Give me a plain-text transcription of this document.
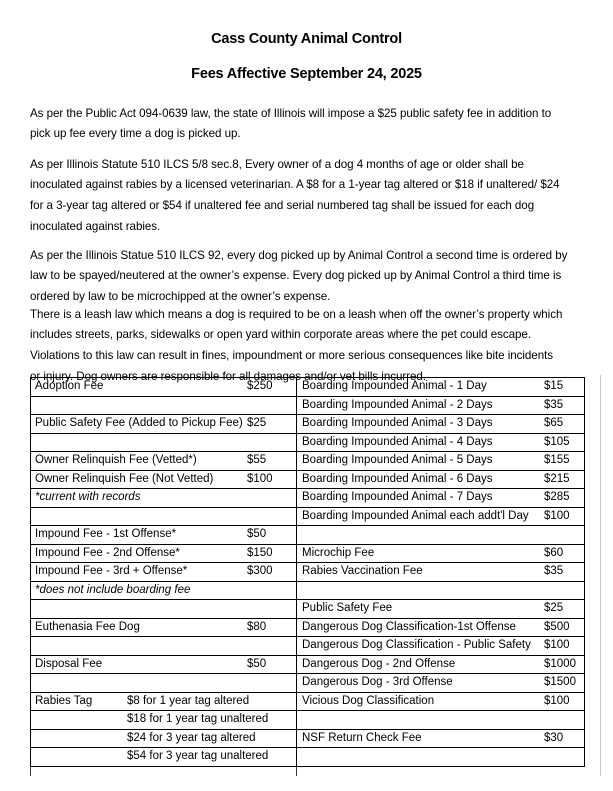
Cass County Animal Control
Fees Affective September 24, 2025

As per the Public Act 094-0639 law, the state of Illinois will impose a $25 public safety fee in addition to
pick up fee every time a dog is picked up.

As per Illinois Statute 510 ILCS 5/8 sec.8, Every owner of a dog 4 months of age or older shall be
inoculated against rabies by a licensed veterinarian. A $8 for a 1-year tag altered or $18 if unaltered/ $24
for a 3-year tag altered or $54 if unaltered fee and serial numbered tag shall be issued for each dog
inoculated against rabies.

As per the Illinois Statue 510 ILCS 92, every dog picked up by Animal Control a second time is ordered by
law to be spayed/neutered at the owner’s expense. Every dog picked up by Animal Control a third time is
ordered by law to be microchipped at the owner’s expense.

There is a leash law which means a dog is required to be on a leash when off the owner’s property which
includes streets, parks, sidewalks or open yard within corporate areas where the pet could escape.
Violations to this law can result in fines, impoundment or more serious consequences like bite incidents
or injury. Dog owners are responsible for all damages and/or vet bills incurred.

Adoption Fee	$250	Boarding Impounded Animal - 1 Day	$15
Boarding Impounded Animal - 2 Days	$35
Public Safety Fee (Added to Pickup Fee) $25	Boarding Impounded Animal - 3 Days	$65
Boarding Impounded Animal - 4 Days	$105
Owner Relinquish Fee (Vetted*)	$55	Boarding Impounded Animal - 5 Days	$155
Owner Relinquish Fee (Not Vetted)	$100	Boarding Impounded Animal - 6 Days	$215
*current with records	Boarding Impounded Animal - 7 Days	$285
Boarding Impounded Animal each addt'l Day $100
Impound Fee - 1st Offense*	$50
Impound Fee - 2nd Offense*	$150	Microchip Fee	$60
Impound Fee - 3rd + Offense*	$300	Rabies Vaccination Fee	$35
*does not include boarding fee
Public Safety Fee	$25
Euthenasia Fee Dog	$80	Dangerous Dog Classification-1st Offense $500
Dangerous Dog Classification - Public Safety $100
Disposal Fee	$50	Dangerous Dog - 2nd Offense	$1000
Dangerous Dog - 3rd Offense	$1500
Rabies Tag	$8 for 1 year tag altered	Vicious Dog Classification	$100
$18 for 1 year tag unaltered
$24 for 3 year tag altered	NSF Return Check Fee	$30
$54 for 3 year tag unaltered
